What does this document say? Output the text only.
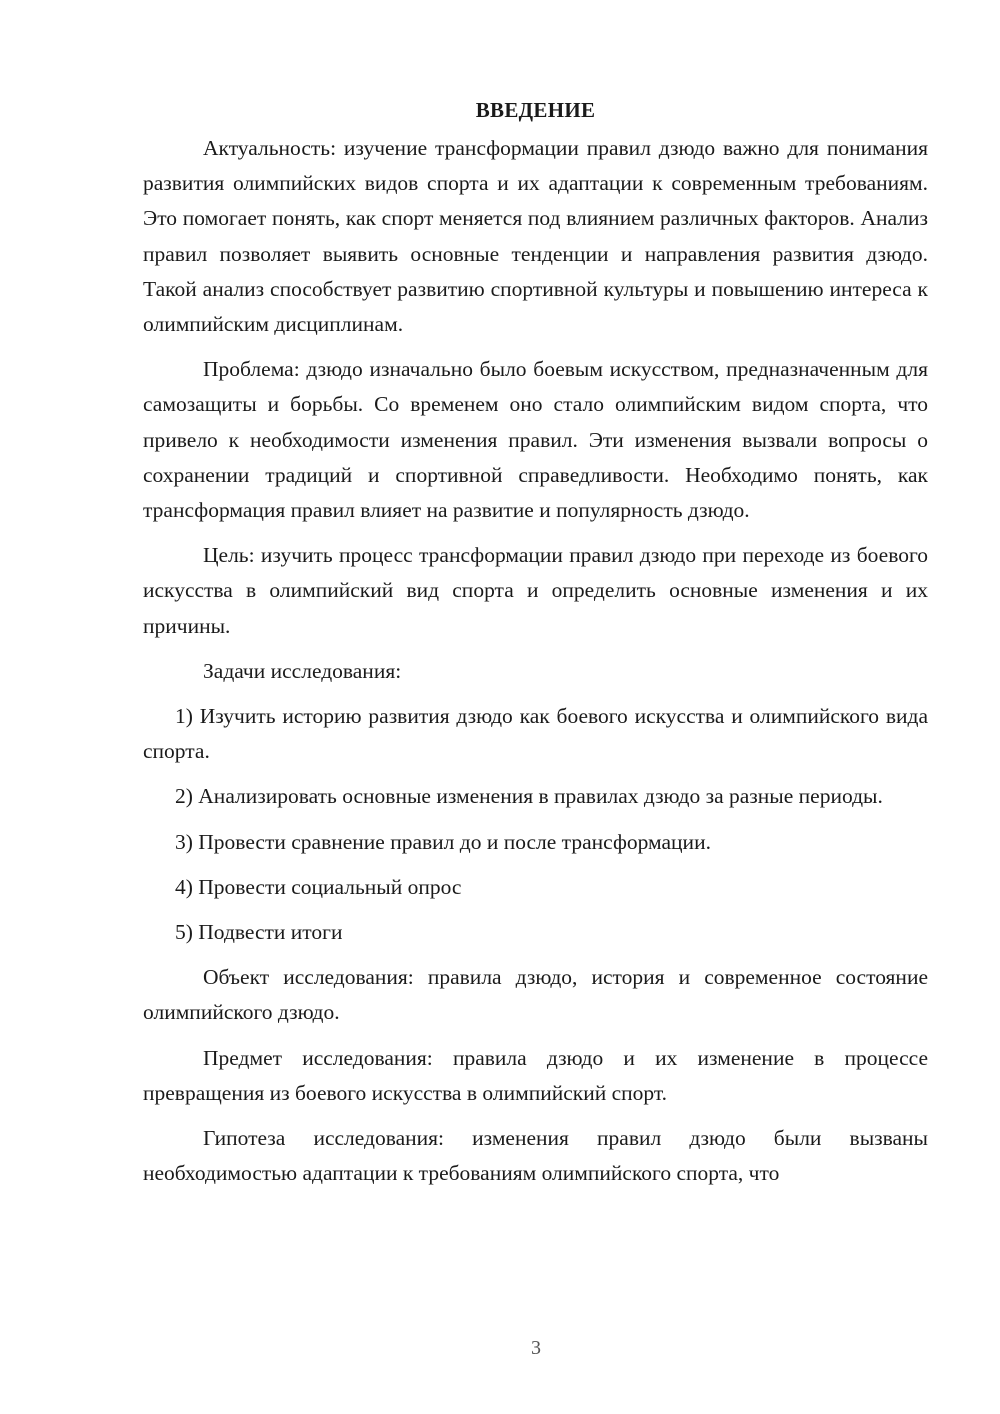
ВВЕДЕНИЕ

Актуальность: изучение трансформации правил дзюдо важно для понимания развития олимпийских видов спорта и их адаптации к современным требованиям. Это помогает понять, как спорт меняется под влиянием различных факторов. Анализ правил позволяет выявить основные тенденции и направления развития дзюдо. Такой анализ способствует развитию спортивной культуры и повышению интереса к олимпийским дисциплинам.

Проблема: дзюдо изначально было боевым искусством, предназначенным для самозащиты и борьбы. Со временем оно стало олимпийским видом спорта, что привело к необходимости изменения правил. Эти изменения вызвали вопросы о сохранении традиций и спортивной справедливости. Необходимо понять, как трансформация правил влияет на развитие и популярность дзюдо.

Цель: изучить процесс трансформации правил дзюдо при переходе из боевого искусства в олимпийский вид спорта и определить основные изменения и их причины.

Задачи исследования:

1) Изучить историю развития дзюдо как боевого искусства и олимпийского вида спорта.

2) Анализировать основные изменения в правилах дзюдо за разные периоды.

3) Провести сравнение правил до и после трансформации.

4) Провести социальный опрос

5) Подвести итоги

Объект исследования: правила дзюдо, история и современное состояние олимпийского дзюдо.

Предмет исследования: правила дзюдо и их изменение в процессе превращения из боевого искусства в олимпийский спорт.

Гипотеза исследования: изменения правил дзюдо были вызваны необходимостью адаптации к требованиям олимпийского спорта, что

3
